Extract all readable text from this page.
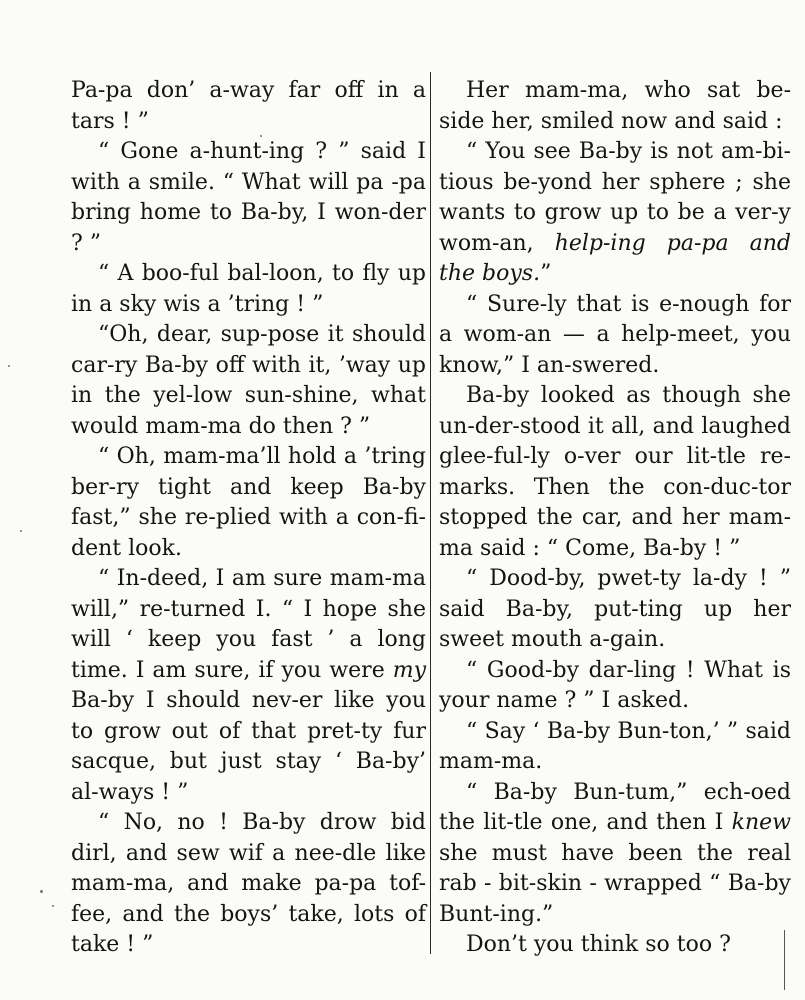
Pa-pa don’ a-way far off in a tars ! ”

“ Gone a-hunt-ing ? ” said I with a smile. “ What will pa -pa bring home to Ba-by, I won-der ? ”

“ A boo-ful bal-loon, to fly up in a sky wis a ’tring ! ”

“Oh, dear, sup-pose it should car-ry Ba-by off with it, ’way up in the yel-low sun-shine, what would mam-ma do then ? ”

“ Oh, mam-ma’ll hold a ’tring ber-ry tight and keep Ba-by fast,” she re-plied with a con-fi-dent look.

“ In-deed, I am sure mam-ma will,” re-turned I. “ I hope she will ‘ keep you fast ’ a long time. I am sure, if you were my Ba-by I should nev-er like you to grow out of that pret-ty fur sacque, but just stay ‘ Ba-by’ al-ways ! ”

“ No, no ! Ba-by drow bid dirl, and sew wif a nee-dle like mam-ma, and make pa-pa tof-fee, and the boys’ take, lots of take ! ”

Her mam-ma, who sat be-side her, smiled now and said :

“ You see Ba-by is not am-bi-tious be-yond her sphere ; she wants to grow up to be a ver-y wom-an, help-ing pa-pa and the boys.”

“ Sure-ly that is e-nough for a wom-an — a help-meet, you know,” I an-swered.

Ba-by looked as though she un-der-stood it all, and laughed glee-ful-ly o-ver our lit-tle re-marks. Then the con-duc-tor stopped the car, and her mam-ma said : “ Come, Ba-by ! ”

“ Dood-by, pwet-ty la-dy ! ” said Ba-by, put-ting up her sweet mouth a-gain.

“ Good-by dar-ling ! What is your name ? ” I asked.

“ Say ‘ Ba-by Bun-ton,’ ” said mam-ma.

“ Ba-by Bun-tum,” ech-oed the lit-tle one, and then I knew she must have been the real rab - bit-skin - wrapped “ Ba-by Bunt-ing.”

Don’t you think so too ?
